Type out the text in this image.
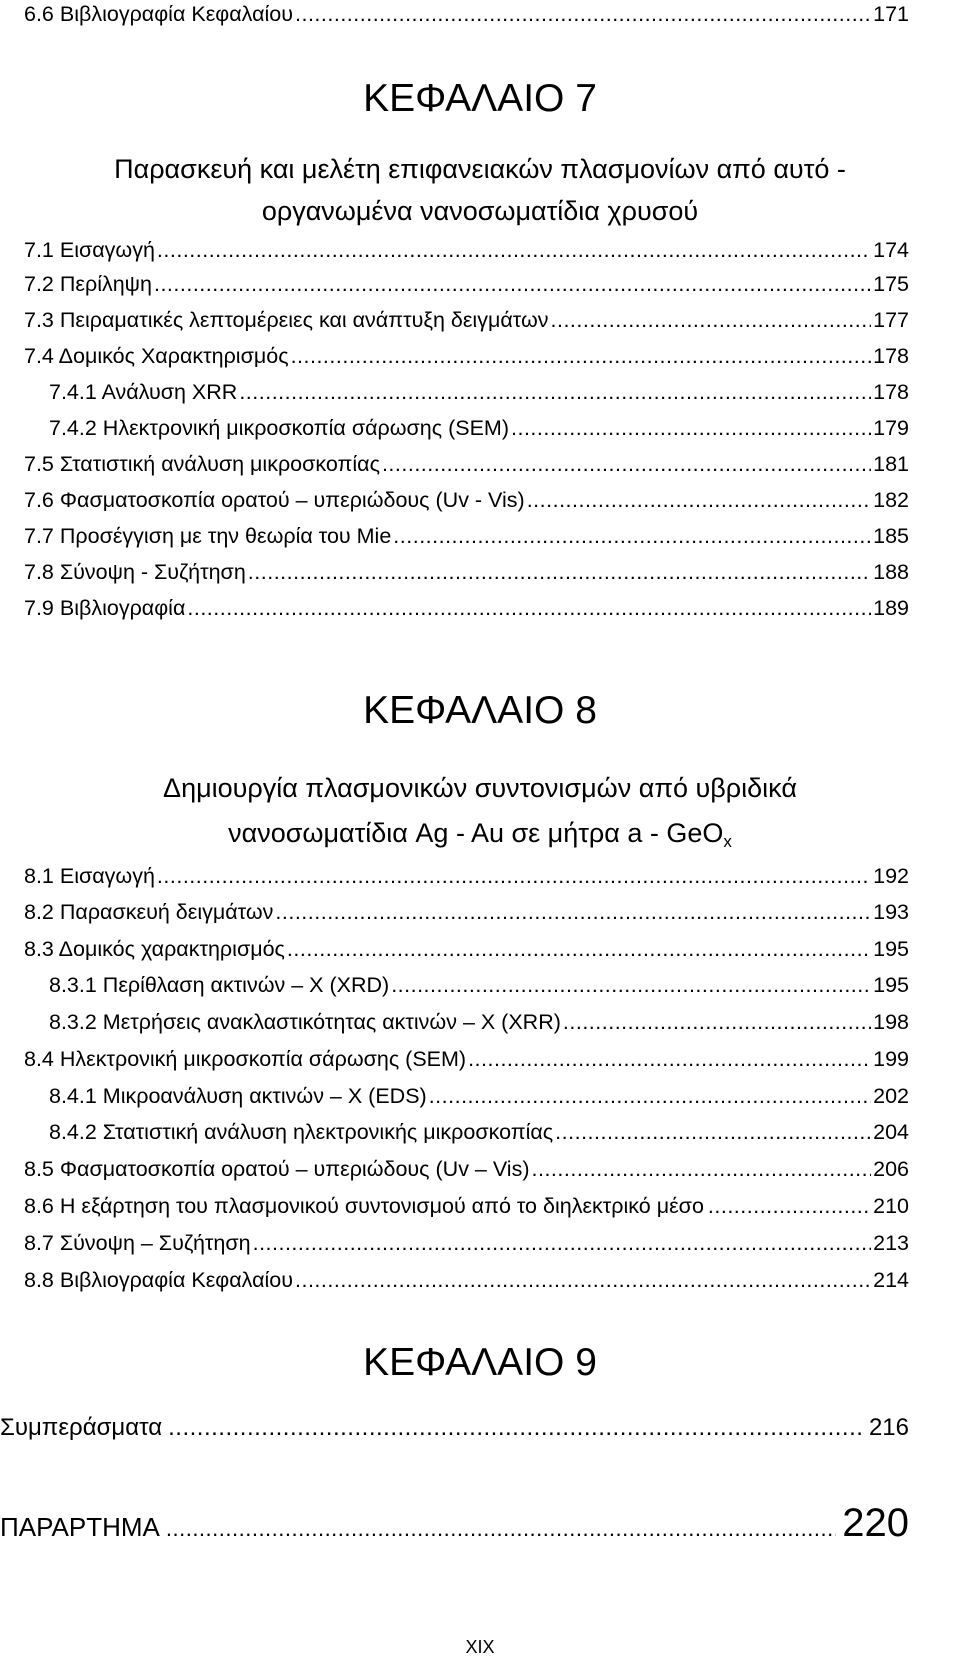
6.6 Βιβλιογραφία Κεφαλαίου .....	171
ΚΕΦΑΛΑΙΟ 7
Παρασκευή και μελέτη επιφανειακών πλασμονίων από αυτό -
οργανωμένα νανοσωματίδια χρυσού
7.1 Εισαγωγή .....	174
7.2 Περίληψη .....	175
7.3 Πειραματικές λεπτομέρειες και ανάπτυξη δειγμάτων .....	177
7.4 Δομικός Χαρακτηρισμός .....	178
7.4.1 Ανάλυση XRR .....	178
7.4.2 Ηλεκτρονική μικροσκοπία σάρωσης (SEM) .....	179
7.5 Στατιστική ανάλυση μικροσκοπίας .....	181
7.6 Φασματοσκοπία ορατού – υπεριώδους (Uv - Vis) .....	182
7.7 Προσέγγιση με την θεωρία του Mie .....	185
7.8 Σύνοψη - Συζήτηση .....	188
7.9 Βιβλιογραφία .....	189
ΚΕΦΑΛΑΙΟ 8
Δημιουργία πλασμονικών συντονισμών από υβριδικά
νανοσωματίδια Ag - Au σε μήτρα a - GeO$_x$
8.1 Εισαγωγή .....	192
8.2 Παρασκευή δειγμάτων .....	193
8.3 Δομικός χαρακτηρισμός .....	195
8.3.1 Περίθλαση ακτινών – X (XRD) .....	195
8.3.2 Μετρήσεις ανακλαστικότητας ακτινών – X (XRR) .....	198
8.4 Ηλεκτρονική μικροσκοπία σάρωσης (SEM) .....	199
8.4.1 Μικροανάλυση ακτινών – X (EDS) .....	202
8.4.2 Στατιστική ανάλυση ηλεκτρονικής μικροσκοπίας .....	204
8.5 Φασματοσκοπία ορατού – υπεριώδους (Uv – Vis) .....	206
8.6 Η εξάρτηση του πλασμονικού συντονισμού από το διηλεκτρικό μέσο .....	210
8.7 Σύνοψη – Συζήτηση .....	213
8.8 Βιβλιογραφία Κεφαλαίου .....	214
ΚΕΦΑΛΑΙΟ 9
Συμπεράσματα .....	216
ΠΑΡΑΡΤΗΜΑ .....	220
XIX
